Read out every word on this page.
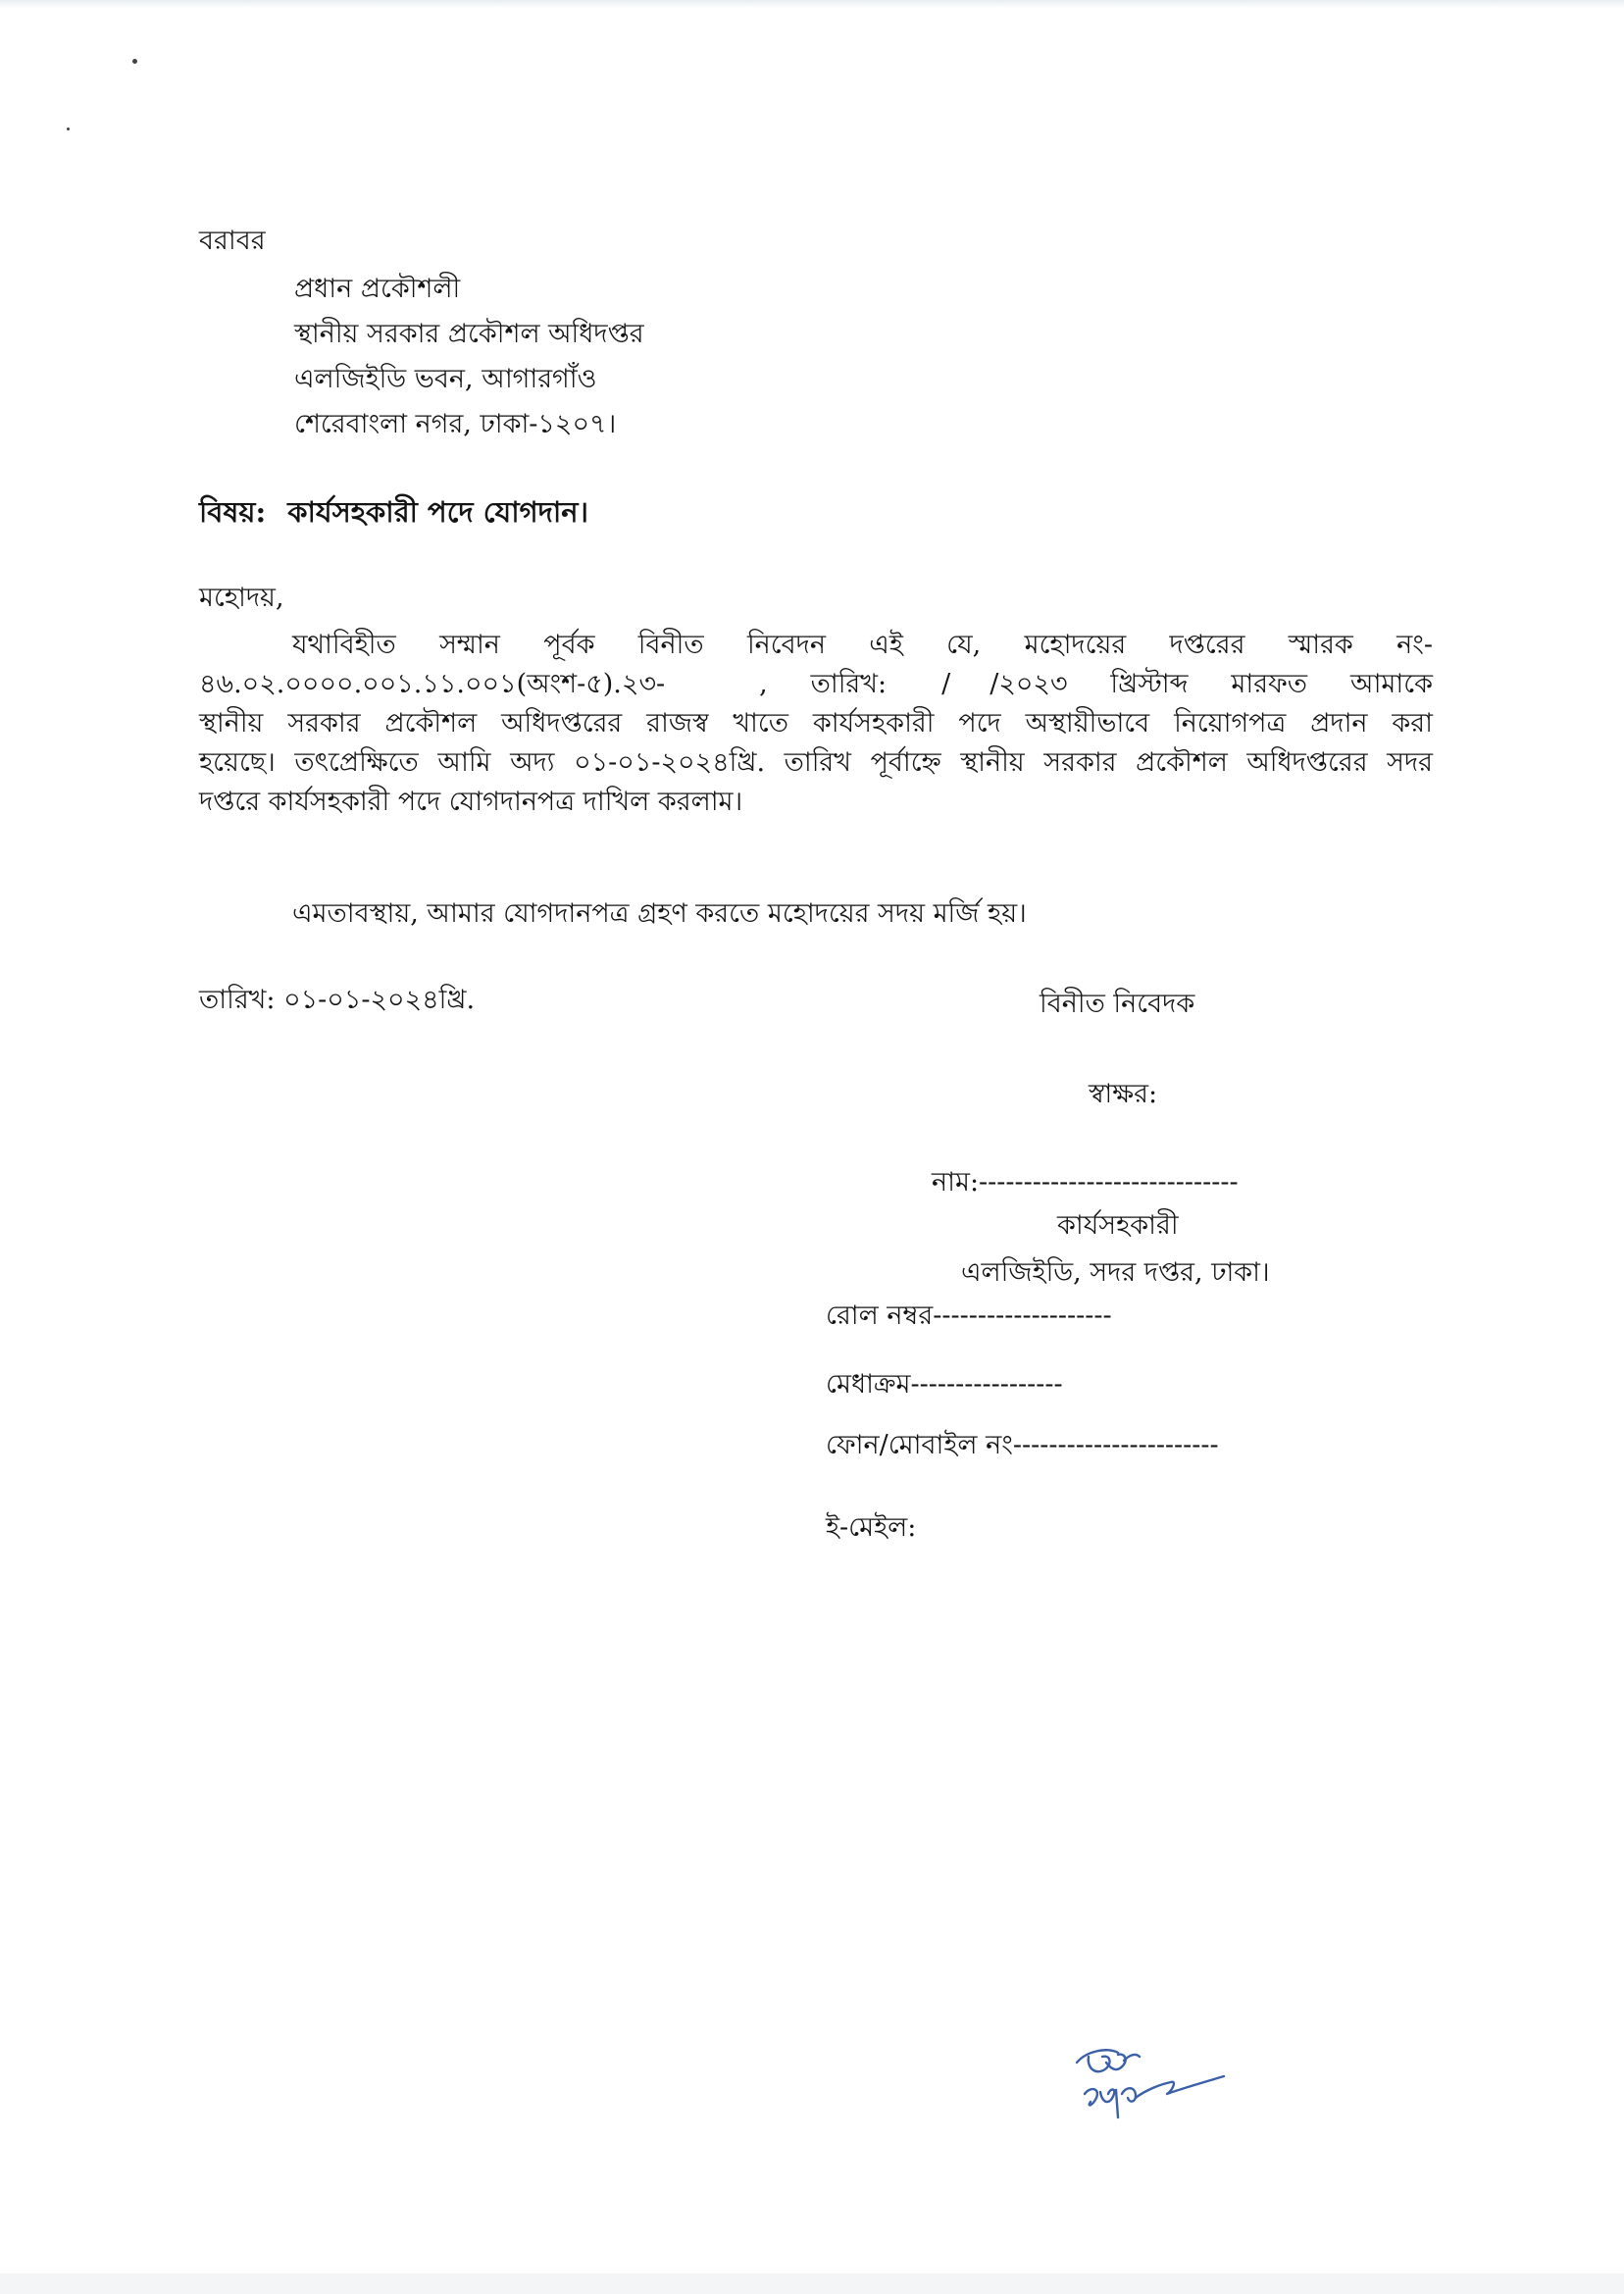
বরাবর
প্রধান প্রকৌশলী
স্থানীয় সরকার প্রকৌশল অধিদপ্তর
এলজিইডি ভবন, আগারগাঁও
শেরেবাংলা নগর, ঢাকা-১২০৭।
বিষয়: কার্যসহকারী পদে যোগদান।
মহোদয়,
যথাবিহীত সম্মান পূর্বক বিনীত নিবেদন এই যে, মহোদয়ের দপ্তরের স্মারক নং-
৪৬.০২.০০০০.০০১.১১.০০১(অংশ-৫).২৩-	, তারিখ: / /২০২৩ খ্রিস্টাব্দ মারফত আমাকে
স্থানীয় সরকার প্রকৌশল অধিদপ্তরের রাজস্ব খাতে কার্যসহকারী পদে অস্থায়ীভাবে নিয়োগপত্র প্রদান করা
হয়েছে। তৎপ্রেক্ষিতে আমি অদ্য ০১-০১-২০২৪খ্রি. তারিখ পূর্বাহ্নে স্থানীয় সরকার প্রকৌশল অধিদপ্তরের সদর
দপ্তরে কার্যসহকারী পদে যোগদানপত্র দাখিল করলাম।
এমতাবস্থায়, আমার যোগদানপত্র গ্রহণ করতে মহোদয়ের সদয় মর্জি হয়।
তারিখ: ০১-০১-২০২৪খ্রি.	বিনীত নিবেদক
স্বাক্ষর:
নাম:-----------------------------
কার্যসহকারী
এলজিইডি, সদর দপ্তর, ঢাকা।
রোল নম্বর--------------------
মেধাক্রম-----------------
ফোন/মোবাইল নং-----------------------
ই-মেইল:
